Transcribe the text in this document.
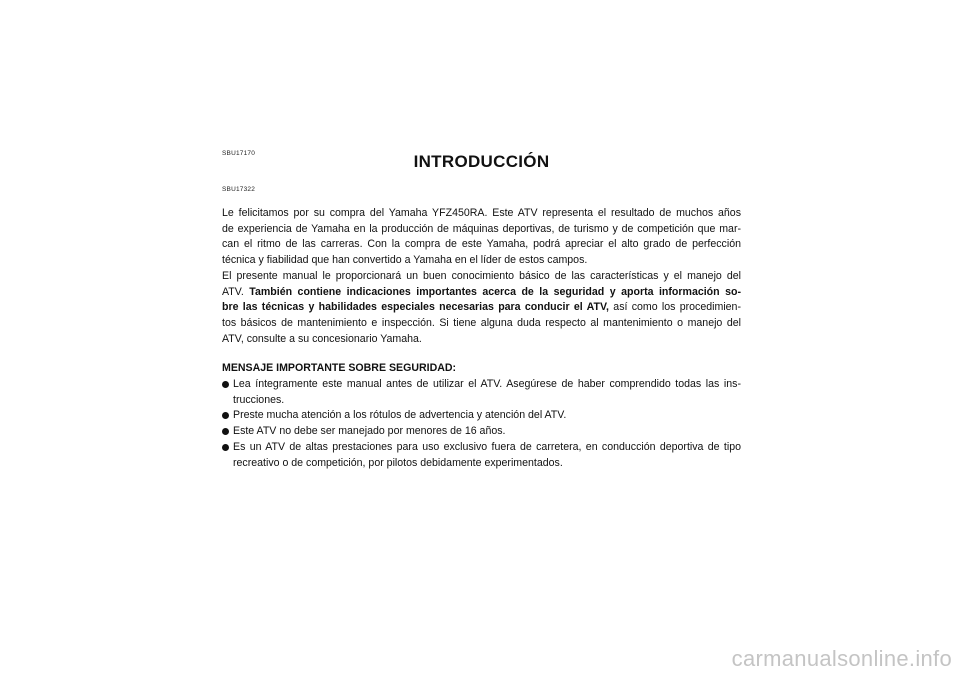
SBU17170	INTRODUCCIÓN
SBU17322
Le felicitamos por su compra del Yamaha YFZ450RA. Este ATV representa el resultado de muchos años
de experiencia de Yamaha en la producción de máquinas deportivas, de turismo y de competición que mar-
can el ritmo de las carreras. Con la compra de este Yamaha, podrá apreciar el alto grado de perfección
técnica y fiabilidad que han convertido a Yamaha en el líder de estos campos.
El presente manual le proporcionará un buen conocimiento básico de las características y el manejo del
ATV. También contiene indicaciones importantes acerca de la seguridad y aporta información so-
bre las técnicas y habilidades especiales necesarias para conducir el ATV, así como los procedimien-
tos básicos de mantenimiento e inspección. Si tiene alguna duda respecto al mantenimiento o manejo del
ATV, consulte a su concesionario Yamaha.
MENSAJE IMPORTANTE SOBRE SEGURIDAD:
Lea íntegramente este manual antes de utilizar el ATV. Asegúrese de haber comprendido todas las ins-
trucciones.
Preste mucha atención a los rótulos de advertencia y atención del ATV.
Este ATV no debe ser manejado por menores de 16 años.
Es un ATV de altas prestaciones para uso exclusivo fuera de carretera, en conducción deportiva de tipo
recreativo o de competición, por pilotos debidamente experimentados.
carmanualsonline.info
